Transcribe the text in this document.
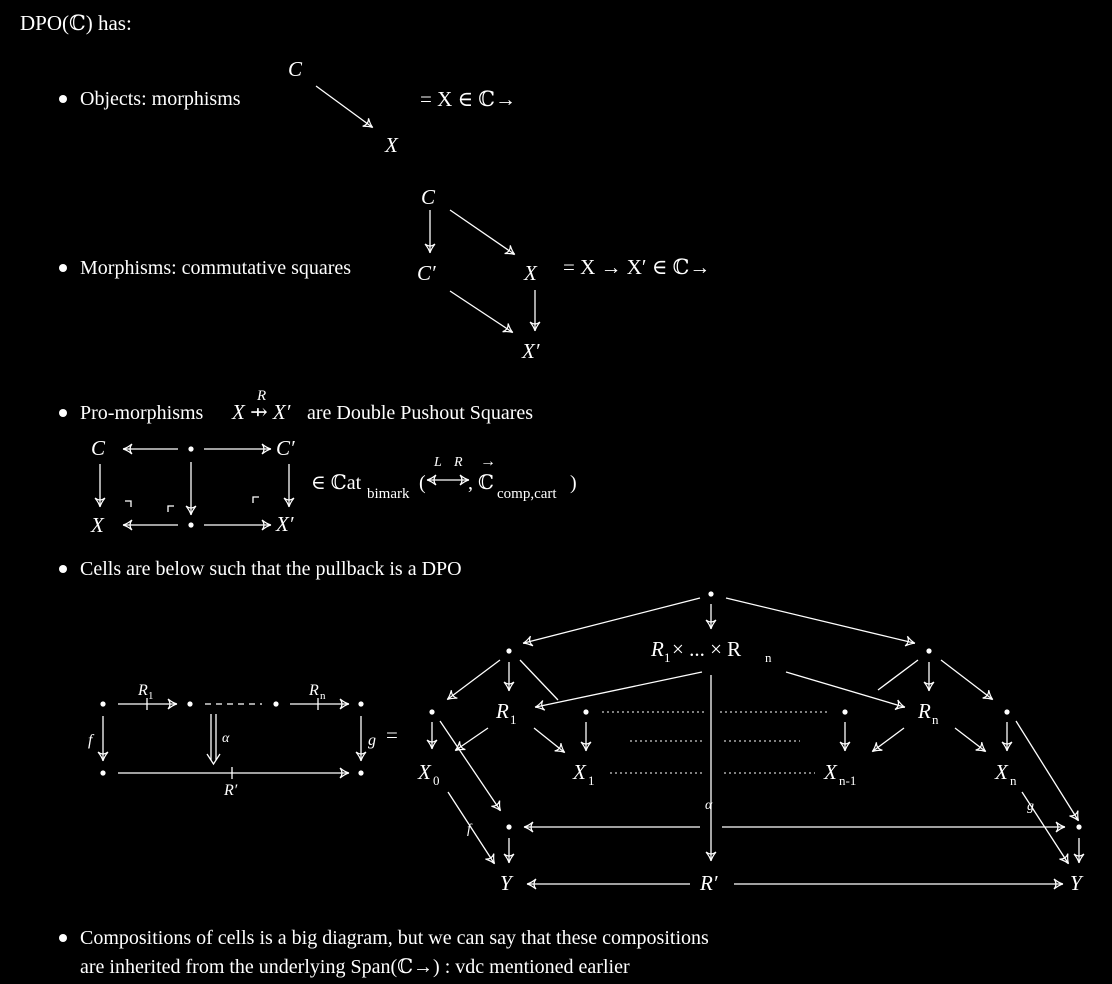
DPO(ℂ) has:
Objects: morphisms
C
X
= X ∈ ℂ→
Morphisms: commutative squares
C
C′	X
X′
= X → X′ ∈ ℂ→
Pro-morphisms X ⇸ X′
R
are Double Pushout Squares
C	C′
X	X′
∈ ℂat bimark (
L R
, ℂ
→
comp,cart )
Cells are below such that the pullback is a DPO
R 1	R n
f	α	g =
R′
R 1 × ... × R n
α
R 1	R n
X 0	X 1	X n-1	X n
f
g
Y	R′	Y
Compositions of cells is a big diagram, but we can say that these compositions
are inherited from the underlying Span(ℂ→) : vdc mentioned earlier
